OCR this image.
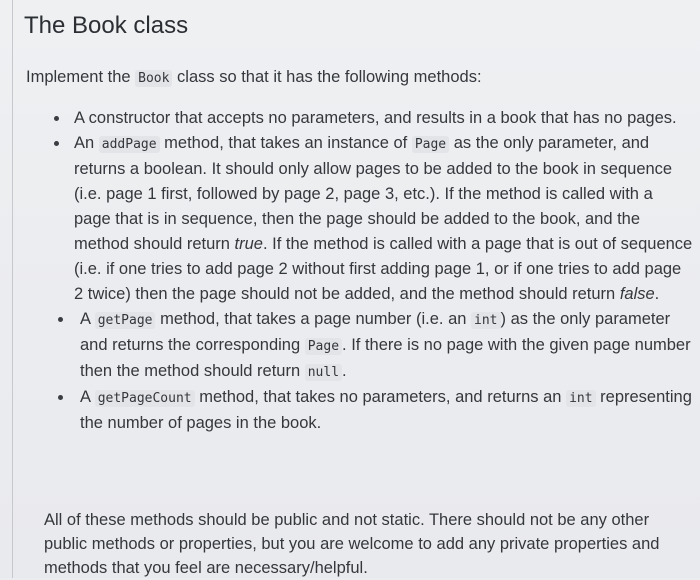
The Book class

Implement the Book class so that it has the following methods:

A constructor that accepts no parameters, and results in a book that has no pages.
An addPage method, that takes an instance of Page as the only parameter, and returns a boolean. It should only allow pages to be added to the book in sequence (i.e. page 1 first, followed by page 2, page 3, etc.). If the method is called with a page that is in sequence, then the page should be added to the book, and the method should return true. If the method is called with a page that is out of sequence (i.e. if one tries to add page 2 without first adding page 1, or if one tries to add page 2 twice) then the page should not be added, and the method should return false.
A getPage method, that takes a page number (i.e. an int ) as the only parameter and returns the corresponding Page . If there is no page with the given page number then the method should return null .
A getPageCount method, that takes no parameters, and returns an int representing the number of pages in the book.

All of these methods should be public and not static. There should not be any other public methods or properties, but you are welcome to add any private properties and methods that you feel are necessary/helpful.
